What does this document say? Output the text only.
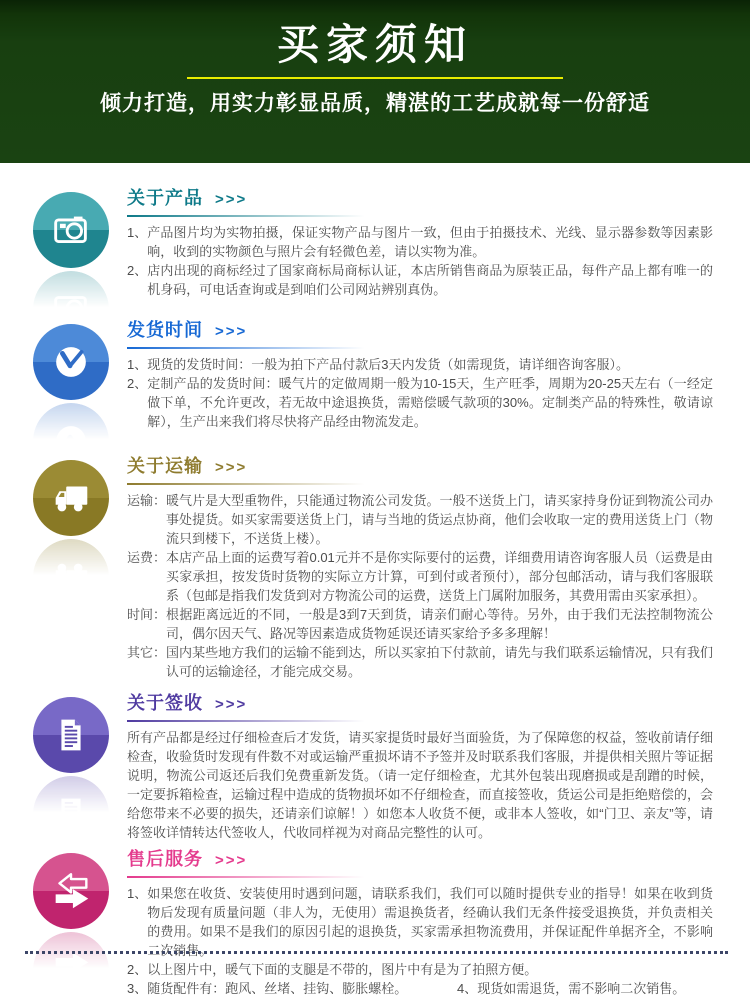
买家须知

倾力打造，用实力彰显品质，精湛的工艺成就每一份舒适

关于产品 >>>
1、 产品图片均为实物拍摄，保证实物产品与图片一致，但由于拍摄技术、光线、显示器参数等因素影响，收到的实物颜色与照片会有轻微色差，请以实物为准。
2、 店内出现的商标经过了国家商标局商标认证，本店所销售商品为原装正品，每件产品上都有唯一的机身码，可电话查询或是到咱们公司网站辨别真伪。
发货时间 >>>
1、 现货的发货时间：一般为拍下产品付款后3天内发货（如需现货，请详细咨询客服）。
2、 定制产品的发货时间：暖气片的定做周期一般为10-15天，生产旺季，周期为20-25天左右（一经定做下单，不允许更改，若无故中途退换货，需赔偿暖气款项的30%。定制类产品的特殊性，敬请谅解），生产出来我们将尽快将产品经由物流发走。
关于运输 >>>
运输： 暖气片是大型重物件，只能通过物流公司发货。一般不送货上门，请买家持身份证到物流公司办事处提货。如买家需要送货上门，请与当地的货运点协商，他们会收取一定的费用送货上门（物流只到楼下，不送货上楼）。
运费： 本店产品上面的运费写着0.01元并不是你实际要付的运费，详细费用请咨询客服人员（运费是由买家承担，按发货时货物的实际立方计算，可到付或者预付），部分包邮活动，请与我们客服联系（包邮是指我们发货到对方物流公司的运费，送货上门属附加服务，其费用需由买家承担）。
时间： 根据距离远近的不同，一般是3到7天到货，请亲们耐心等待。另外，由于我们无法控制物流公司，偶尔因天气、路况等因素造成货物延误还请买家给予多多理解！
其它： 国内某些地方我们的运输不能到达，所以买家拍下付款前，请先与我们联系运输情况，只有我们认可的运输途径，才能完成交易。
关于签收 >>>

所有产品都是经过仔细检查后才发货，请买家提货时最好当面验货，为了保障您的权益，签收前请仔细检查，收验货时发现有件数不对或运输严重损坏请不予签并及时联系我们客服，并提供相关照片等证据说明，物流公司返还后我们免费重新发货。（请一定仔细检查，尤其外包装出现磨损或是刮蹭的时候，一定要拆箱检查，运输过程中造成的货物损坏如不仔细检查，而直接签收，货运公司是拒绝赔偿的，会给您带来不必要的损失，还请亲们谅解！）如您本人收货不便，或非本人签收，如“门卫、亲友”等，请将签收详情转达代签收人，代收同样视为对商品完整性的认可。

售后服务 >>>
1、 如果您在收货、安装使用时遇到问题，请联系我们，我们可以随时提供专业的指导！如果在收到货物后发现有质量问题（非人为，无使用）需退换货者，经确认我们无条件接受退换货，并负责相关的费用。如果不是我们的原因引起的退换货，买家需承担物流费用，并保证配件单据齐全，不影响二次销售。
2、 以上图片中，暖气下面的支腿是不带的，图片中有是为了拍照方便。
3、 随货配件有：跑风、丝堵、挂钩、膨胀螺栓。	4、 现货如需退货，需不影响二次销售。
